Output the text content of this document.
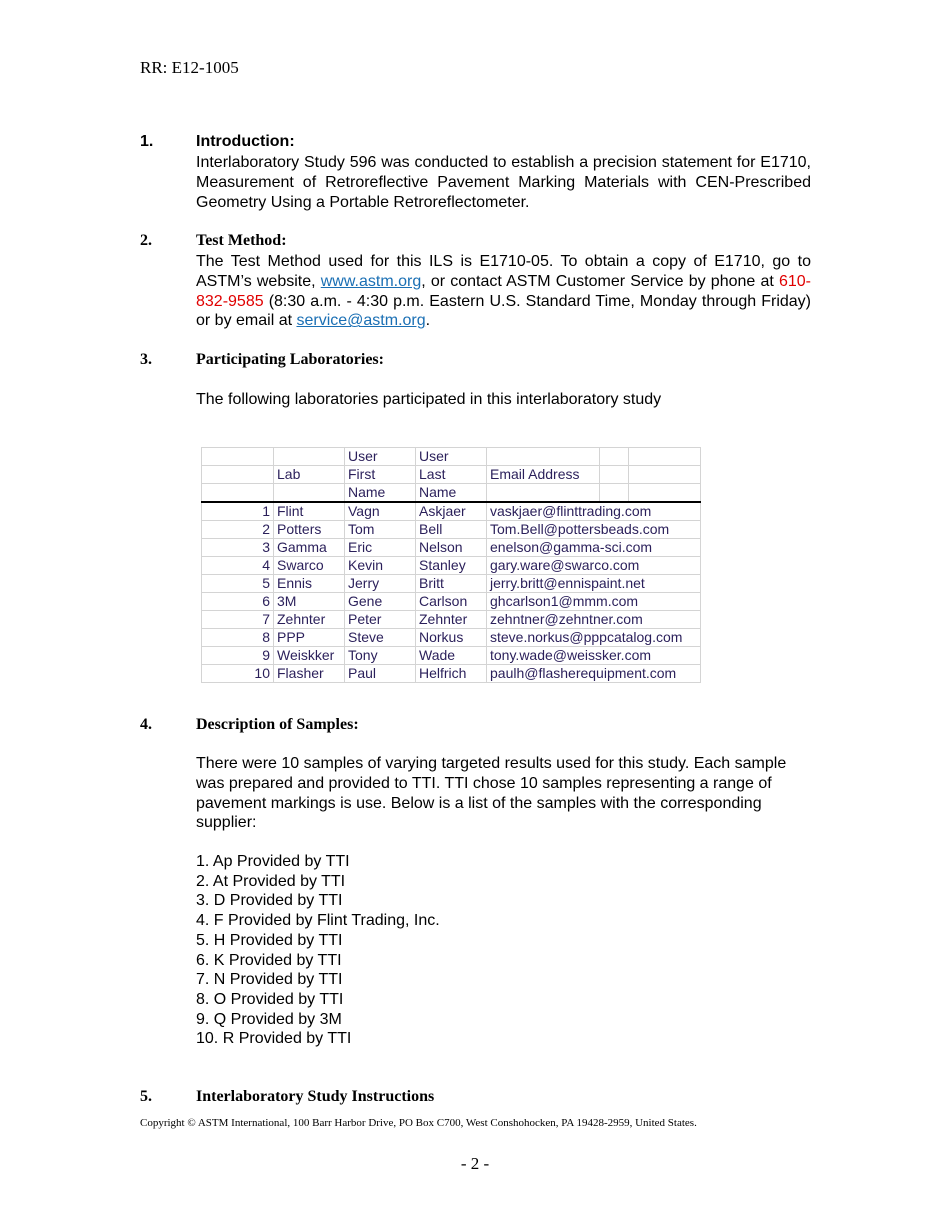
RR: E12-1005
1.	Introduction:
Interlaboratory Study 596 was conducted to establish a precision statement for E1710, Measurement of Retroreflective Pavement Marking Materials with CEN-Prescribed Geometry Using a Portable Retroreflectometer.
2.	Test Method:
The Test Method used for this ILS is E1710-05. To obtain a copy of E1710, go to ASTM’s website, www.astm.org, or contact ASTM Customer Service by phone at 610-832-9585 (8:30 a.m. - 4:30 p.m. Eastern U.S. Standard Time, Monday through Friday) or by email at service@astm.org.
3.	Participating Laboratories:
The following laboratories participated in this interlaboratory study
		User	User			
	Lab	First	Last	Email Address		
		Name	Name			
1	Flint	Vagn	Askjaer	vaskjaer@flinttrading.com		
2	Potters	Tom	Bell	Tom.Bell@pottersbeads.com		
3	Gamma	Eric	Nelson	enelson@gamma-sci.com		
4	Swarco	Kevin	Stanley	gary.ware@swarco.com		
5	Ennis	Jerry	Britt	jerry.britt@ennispaint.net		
6	3M	Gene	Carlson	ghcarlson1@mmm.com		
7	Zehnter	Peter	Zehnter	zehntner@zehntner.com		
8	PPP	Steve	Norkus	steve.norkus@pppcatalog.com		
9	Weiskker	Tony	Wade	tony.wade@weissker.com		
10	Flasher	Paul	Helfrich	paulh@flasherequipment.com		
4.	Description of Samples:
There were 10 samples of varying targeted results used for this study. Each sample was prepared and provided to TTI. TTI chose 10 samples representing a range of pavement markings is use. Below is a list of the samples with the corresponding supplier:
1. Ap Provided by TTI
2. At Provided by TTI
3. D Provided by TTI
4. F Provided by Flint Trading, Inc.
5. H Provided by TTI
6. K Provided by TTI
7. N Provided by TTI
8. O Provided by TTI
9. Q Provided by 3M
10. R Provided by TTI
5.	Interlaboratory Study Instructions
Copyright © ASTM International, 100 Barr Harbor Drive, PO Box C700, West Conshohocken, PA 19428-2959, United States.
- 2 -
